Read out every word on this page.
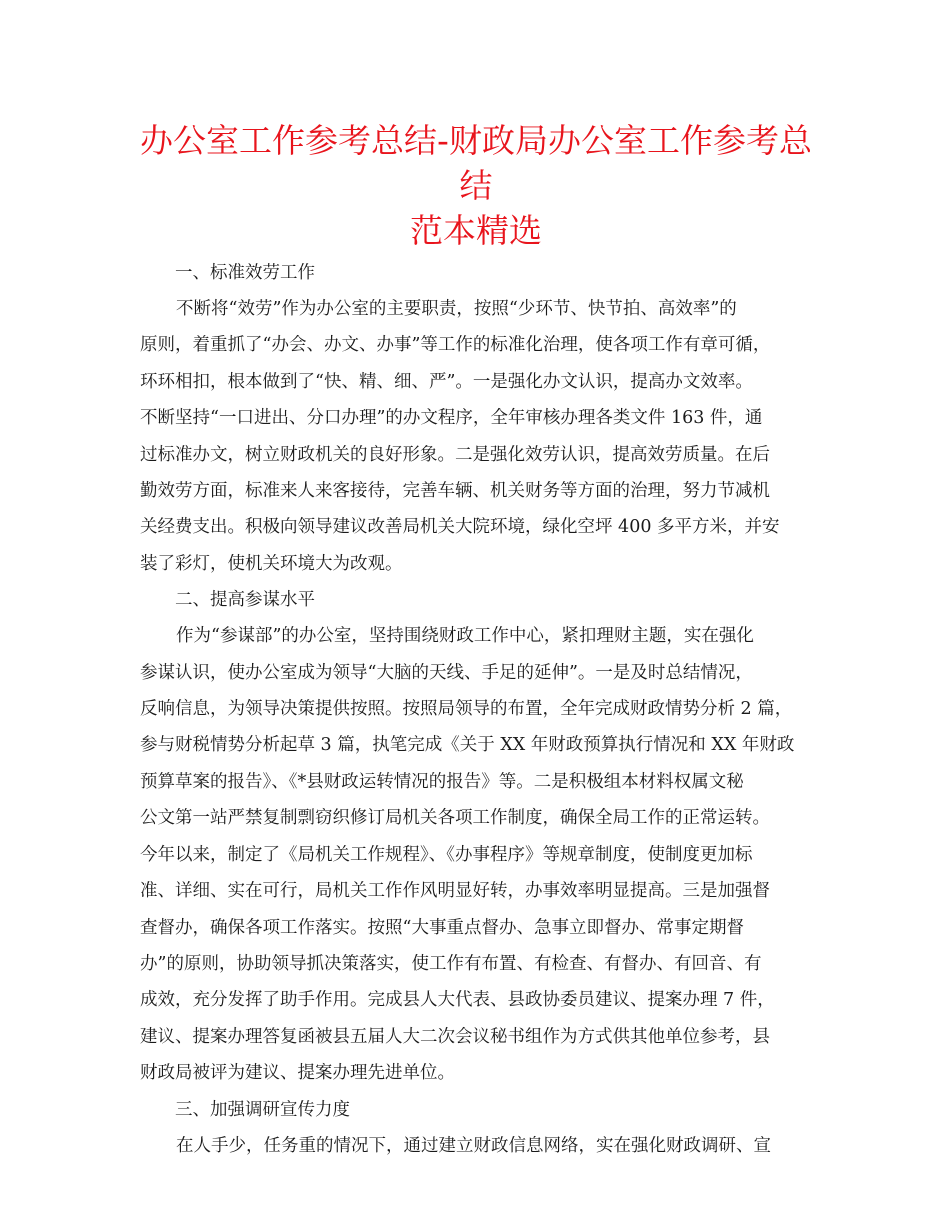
办公室工作参考总结-财政局办公室工作参考总结
范本精选
一、标准效劳工作

不断将“效劳”作为办公室的主要职责，按照“少环节、快节拍、高效率”的
原则，着重抓了“办会、办文、办事”等工作的标准化治理，使各项工作有章可循，
环环相扣，根本做到了“快、精、细、严”。一是强化办文认识，提高办文效率。
不断坚持“一口进出、分口办理”的办文程序，全年审核办理各类文件 163 件，通
过标准办文，树立财政机关的良好形象。二是强化效劳认识，提高效劳质量。在后
勤效劳方面，标准来人来客接待，完善车辆、机关财务等方面的治理，努力节减机
关经费支出。积极向领导建议改善局机关大院环境，绿化空坪 400 多平方米，并安
装了彩灯，使机关环境大为改观。

二、提高参谋水平

作为“参谋部”的办公室，坚持围绕财政工作中心，紧扣理财主题，实在强化
参谋认识，使办公室成为领导“大脑的天线、手足的延伸”。一是及时总结情况，
反响信息，为领导决策提供按照。按照局领导的布置，全年完成财政情势分析 2 篇，
参与财税情势分析起草 3 篇，执笔完成《关于 XX 年财政预算执行情况和 XX 年财政
预算草案的报告》、《*县财政运转情况的报告》等。二是积极组本材料权属文秘
公文第一站严禁复制剽窃织修订局机关各项工作制度，确保全局工作的正常运转。
今年以来，制定了《局机关工作规程》、《办事程序》等规章制度，使制度更加标
准、详细、实在可行，局机关工作作风明显好转，办事效率明显提高。三是加强督
查督办，确保各项工作落实。按照“大事重点督办、急事立即督办、常事定期督
办”的原则，协助领导抓决策落实，使工作有布置、有检查、有督办、有回音、有
成效，充分发挥了助手作用。完成县人大代表、县政协委员建议、提案办理 7 件，
建议、提案办理答复函被县五届人大二次会议秘书组作为方式供其他单位参考，县
财政局被评为建议、提案办理先进单位。

三、加强调研宣传力度

在人手少，任务重的情况下，通过建立财政信息网络，实在强化财政调研、宣
